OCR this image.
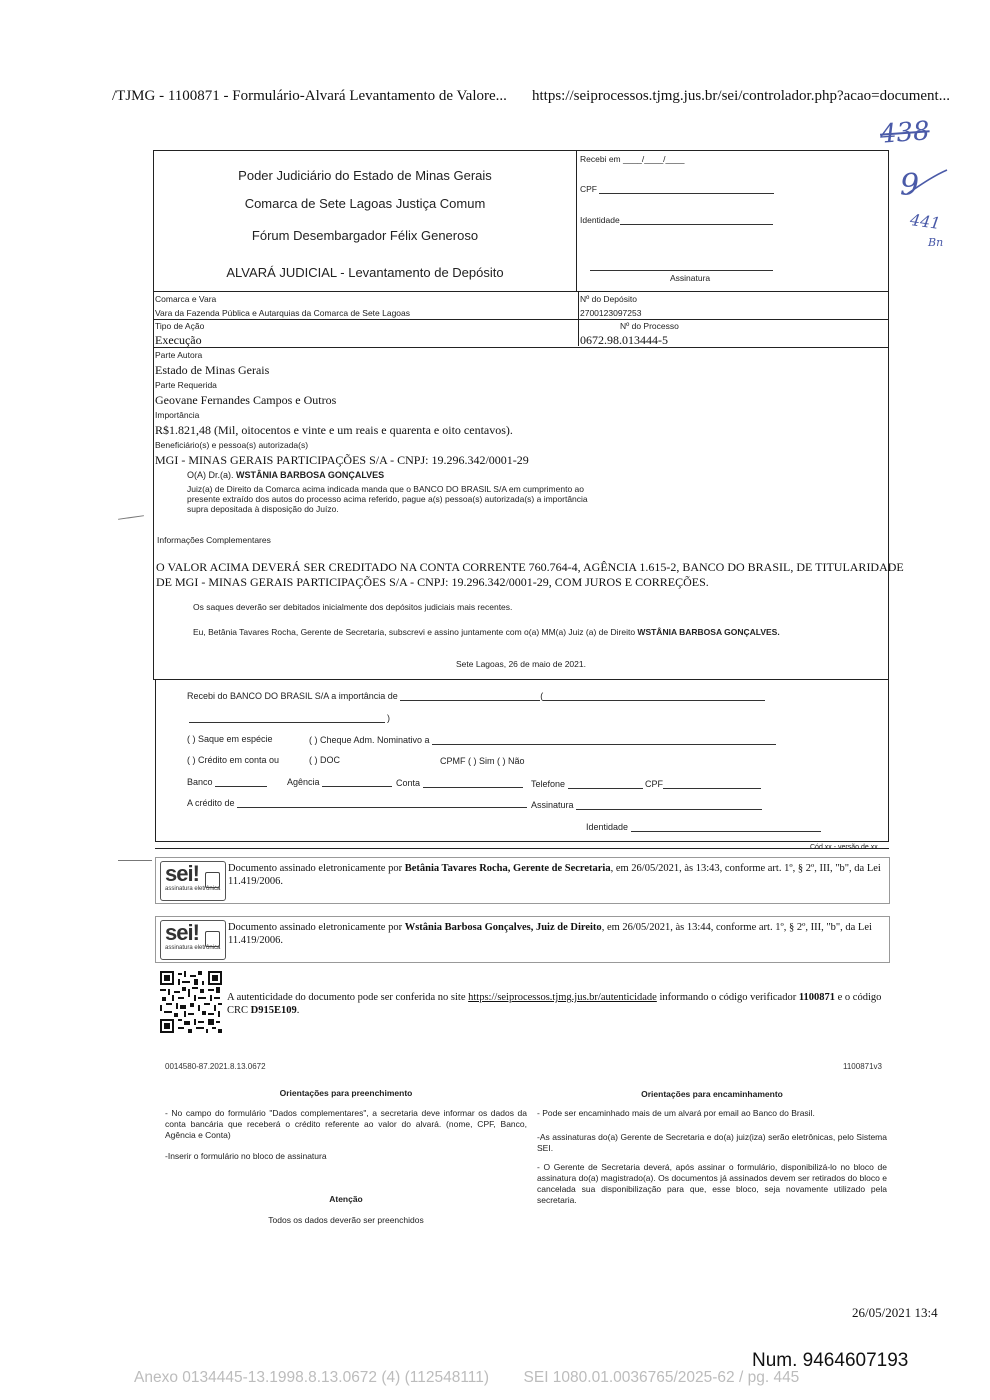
/TJMG - 1100871 - Formulário-Alvará Levantamento de Valore... https://seiprocessos.tjmg.jus.br/sei/controlador.php?acao=document...
438
9
441
Bn
Poder Judiciário do Estado de Minas Gerais
Comarca de Sete Lagoas Justiça Comum
Fórum Desembargador Félix Generoso
ALVARÁ JUDICIAL - Levantamento de Depósito
Recebi em ____/____/____
CPF
Identidade
Assinatura
Comarca e Vara
Vara da Fazenda Pública e Autarquias da Comarca de Sete Lagoas
Nº do Depósito
2700123097253
Tipo de Ação
Execução
Nº do Processo
0672.98.013444-5
Parte Autora
Estado de Minas Gerais
Parte Requerida
Geovane Fernandes Campos e Outros
Importância
R$1.821,48 (Mil, oitocentos e vinte e um reais e quarenta e oito centavos).
Beneficiário(s) e pessoa(s) autorizada(s)
MGI - MINAS GERAIS PARTICIPAÇÕES S/A - CNPJ: 19.296.342/0001-29
O(A) Dr.(a). WSTÂNIA BARBOSA GONÇALVES
Juiz(a) de Direito da Comarca acima indicada manda que o BANCO DO BRASIL S/A em cumprimento ao
presente extraído dos autos do processo acima referido, pague a(s) pessoa(s) autorizada(s) a importância
supra depositada à disposição do Juízo.
Informações Complementares
O VALOR ACIMA DEVERÁ SER CREDITADO NA CONTA CORRENTE 760.764-4, AGÊNCIA 1.615-2, BANCO DO BRASIL, DE TITULARIDADE
DE MGI - MINAS GERAIS PARTICIPAÇÕES S/A - CNPJ: 19.296.342/0001-29, COM JUROS E CORREÇÕES.
Os saques deverão ser debitados inicialmente dos depósitos judiciais mais recentes.
Eu, Betânia Tavares Rocha, Gerente de Secretaria, subscrevi e assino juntamente com o(a) MM(a) Juiz (a) de Direito WSTÂNIA BARBOSA GONÇALVES.
Sete Lagoas, 26 de maio de 2021.
Recebi do BANCO DO BRASIL S/A a importância de	(
)
( ) Saque em espécie	( ) Cheque Adm. Nominativo a
( ) Crédito em conta ou	( ) DOC	CPMF ( ) Sim ( ) Não
Banco	Agência	Conta	Telefone	CPF
A crédito de	Assinatura
Identidade
Cód.xx - versão de xx
sei!
assinatura eletrônica
Documento assinado eletronicamente por Betânia Tavares Rocha, Gerente de Secretaria, em 26/05/2021, às 13:43, conforme art. 1º, § 2º, III, "b", da Lei 11.419/2006.
sei!
assinatura eletrônica
Documento assinado eletronicamente por Wstânia Barbosa Gonçalves, Juiz de Direito, em 26/05/2021, às 13:44, conforme art. 1º, § 2º, III, "b", da Lei 11.419/2006.
A autenticidade do documento pode ser conferida no site https://seiprocessos.tjmg.jus.br/autenticidade informando o código verificador 1100871 e o código CRC D915E109.
0014580-87.2021.8.13.0672	1100871v3
Orientações para preenchimento
- No campo do formulário "Dados complementares", a secretaria deve informar os dados da conta bancária que receberá o crédito referente ao valor do alvará. (nome, CPF, Banco, Agência e Conta)
-Inserir o formulário no bloco de assinatura
Atenção
Todos os dados deverão ser preenchidos
Orientações para encaminhamento
- Pode ser encaminhado mais de um alvará por email ao Banco do Brasil.
-As assinaturas do(a) Gerente de Secretaria e do(a) juiz(iza) serão eletrônicas, pelo Sistema SEI.
- O Gerente de Secretaria deverá, após assinar o formulário, disponibilizá-lo no bloco de assinatura do(a) magistrado(a). Os documentos já assinados devem ser retirados do bloco e cancelada sua disponibilização para que, esse bloco, seja novamente utilizado pela secretaria.
26/05/2021 13:4
Num. 9464607193
Anexo 0134445-13.1998.8.13.0672 (4) (112548111)        SEI 1080.01.0036765/2025-62 / pg. 445
